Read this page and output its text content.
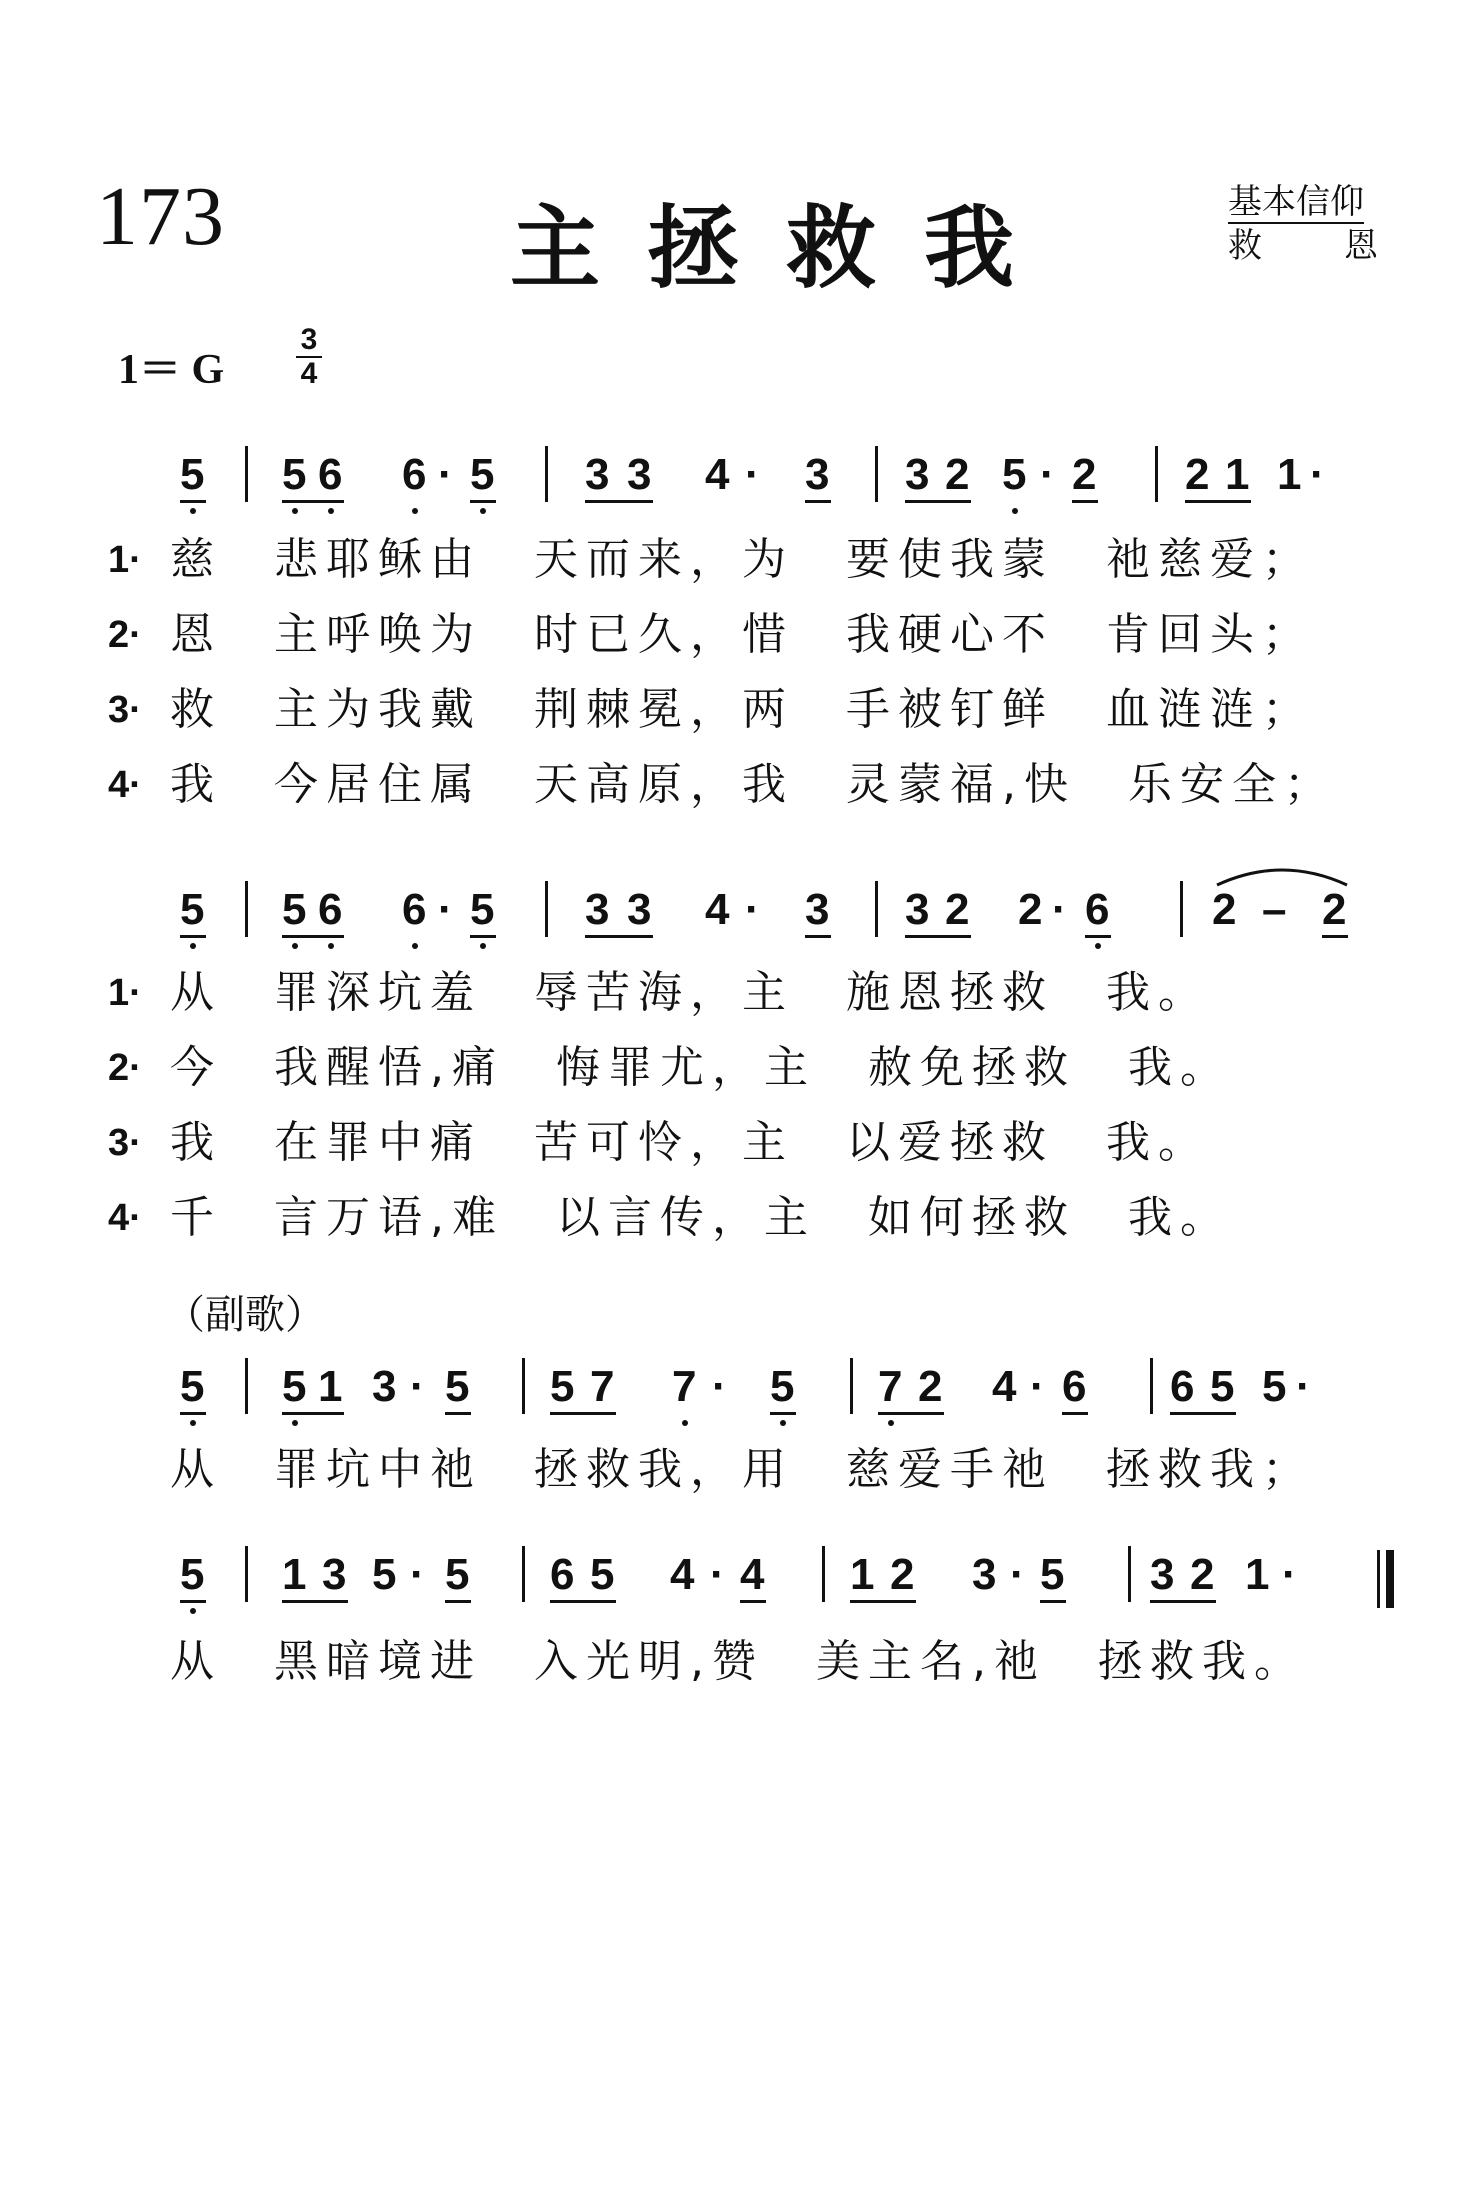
173	主拯救我	基本信仰
救 恩
1＝ G
3
4
5 5 6 6 · 5 3 3 4 · 3 3 2 5 · 2 2 1 1 ·
1· 慈　悲耶稣由　天而来，为　要使我蒙　祂慈爱；
2· 恩　主呼唤为　时已久，惜　我硬心不　肯回头；
3· 救　主为我戴　荆棘冕，两　手被钉鲜　血涟涟；
4· 我　今居住属　天高原，我　灵蒙福,快　乐安全；
5 5 6 6 · 5 3 3 4 · 3 3 2 2 · 6 2 – 2
1· 从　罪深坑羞　辱苦海，主　施恩拯救　我。
2· 今　我醒悟,痛　悔罪尤，主　赦免拯救　我。
3· 我　在罪中痛　苦可怜，主　以爱拯救　我。
4· 千　言万语,难　以言传，主　如何拯救　我。
5 5 1 3 · 5 5 7 7 · 5 7 2 4 · 6 6 5 5 ·
从　罪坑中祂　拯救我，用　慈爱手祂　拯救我；
5 1 3 5 · 5 6 5 4 · 4 1 2 3 · 5 3 2 1 ·
从　黑暗境进　入光明,赞　美主名,祂　拯救我。
（副歌）
